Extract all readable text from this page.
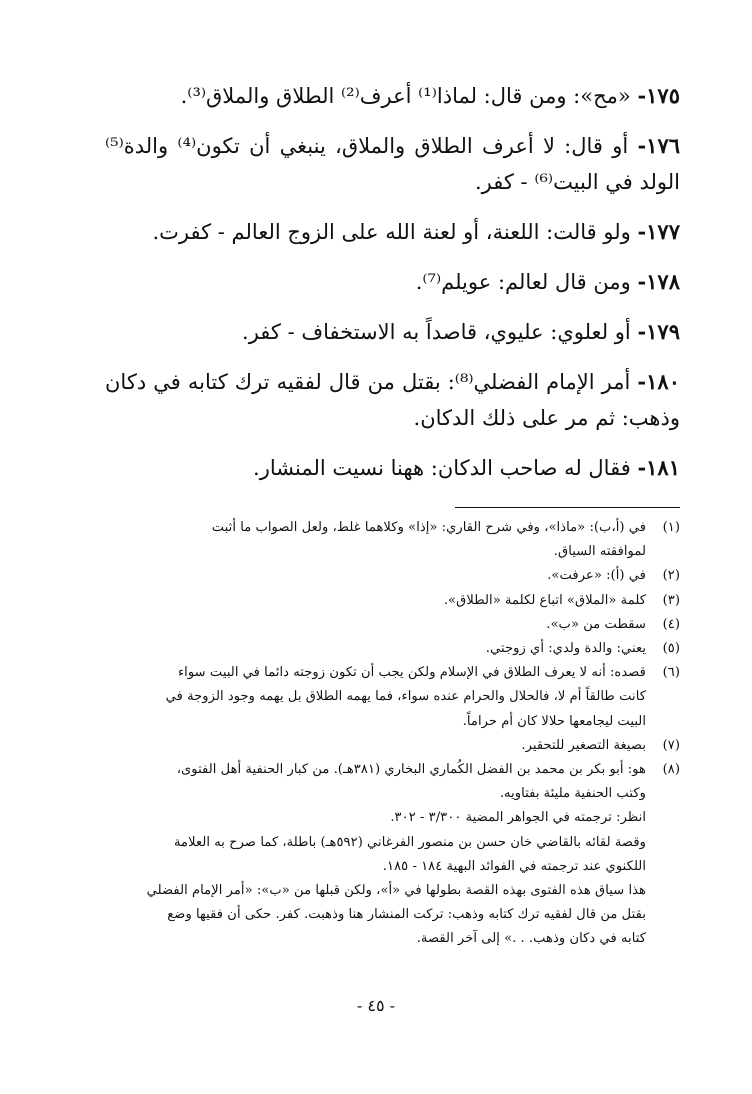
١٧٥- «مح»: ومن قال: لماذا⁽¹⁾ أعرف⁽²⁾ الطلاق والملاق⁽³⁾.
١٧٦- أو قال: لا أعرف الطلاق والملاق، ينبغي أن تكون⁽⁴⁾ والدة⁽⁵⁾ الولد في البيت⁽⁶⁾ - كفر.
١٧٧- ولو قالت: اللعنة، أو لعنة الله على الزوج العالم - كفرت.
١٧٨- ومن قال لعالم: عويلم⁽⁷⁾.
١٧٩- أو لعلوي: عليوي، قاصداً به الاستخفاف - كفر.
١٨٠- أمر الإمام الفضلي⁽⁸⁾: بقتل من قال لفقيه ترك كتابه في دكان وذهب: ثم مر على ذلك الدكان.
١٨١- فقال له صاحب الدكان: ههنا نسيت المنشار.
(١)
في (أ،ب): «ماذا»، وفي شرح القاري: «إذا» وكلاهما غلط، ولعل الصواب ما أثبت
لموافقته السياق.
(٢)
في (أ): «عرفت».
(٣)
كلمة «الملاق» اتباع لكلمة «الطلاق».
(٤)
سقطت من «ب».
(٥)
يعني: والدة ولدي: أي زوجتي.
(٦)
قصده: أنه لا يعرف الطلاق في الإسلام ولكن يجب أن تكون زوجته دائما في البيت سواء
كانت طالقاً أم لا، فالحلال والحرام عنده سواء، فما يهمه الطلاق بل يهمه وجود الزوجة في
البيت ليجامعها حلالا كان أم حراماً.
(٧)
بصيغة التصغير للتحقير.
(٨)
هو: أبو بكر بن محمد بن الفضل الكُماري البخاري (٣٨١هـ). من كبار الحنفية أهل الفتوى،
وكتب الحنفية مليئة بفتاويه.
انظر: ترجمته في الجواهر المضية ٣/٣٠٠ - ٣٠٢.
وقصة لقائه بالقاضي خان حسن بن منصور الفرغاني (٥٩٢هـ) باطلة، كما صرح به العلامة
اللكنوي عند ترجمته في الفوائد البهية ١٨٤ - ١٨٥.
هذا سياق هذه الفتوى بهذه القصة بطولها في «أ»، ولكن قبلها من «ب»: «أمر الإمام الفضلي
بقتل من قال لفقيه ترك كتابه وذهب: تركت المنشار هنا وذهبت. كفر. حكى أن فقيها وضع
كتابه في دكان وذهب. . .» إلى آخر القصة.
- ٤٥ -
